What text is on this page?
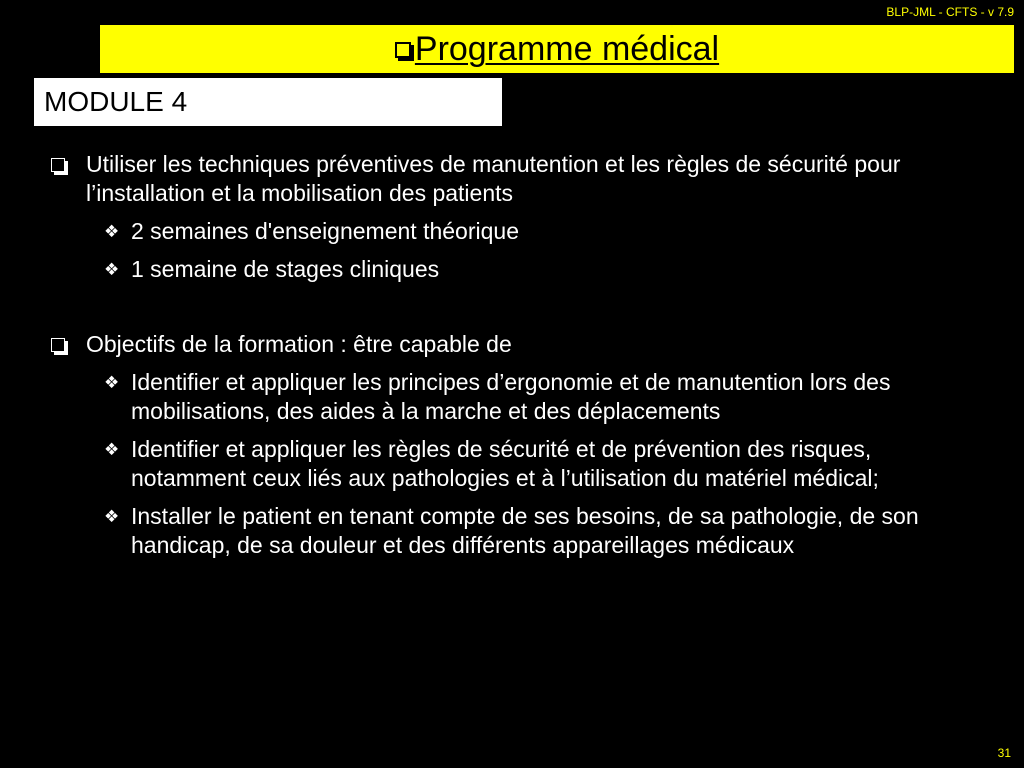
BLP-JML - CFTS - v 7.9
Programme médical
MODULE 4
Utiliser les techniques préventives de manutention et les règles de sécurité pour l’installation et la mobilisation des patients
❖ 2 semaines d'enseignement théorique
❖ 1 semaine de stages cliniques
Objectifs de la formation : être capable de
❖ Identifier et appliquer les principes d’ergonomie et de manutention lors des mobilisations, des aides à la marche et des déplacements
❖ Identifier et appliquer les règles de sécurité et de prévention des risques, notamment ceux liés aux pathologies et à l’utilisation du matériel médical;
❖ Installer le patient en tenant compte de ses besoins, de sa pathologie, de son handicap, de sa douleur et des différents appareillages médicaux
31
